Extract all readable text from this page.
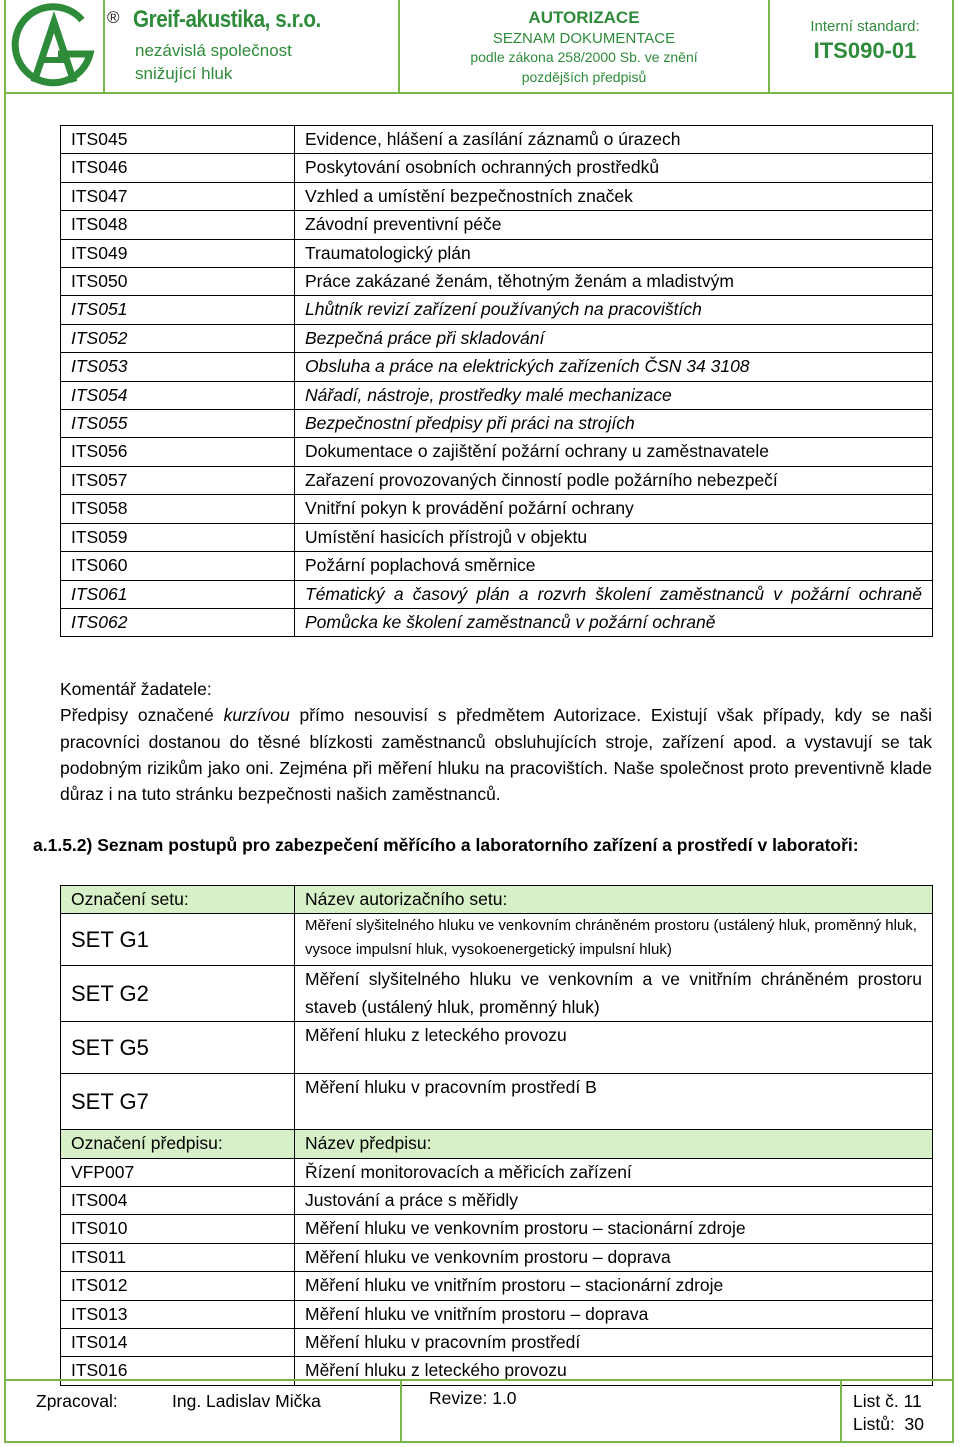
® Greif-akustika, s.r.o.
nezávislá společnost
snižující hluk
AUTORIZACE
SEZNAM DOKUMENTACE
podle zákona 258/2000 Sb. ve znění
pozdějších předpisů
Interní standard:
ITS090-01
ITS045	Evidence, hlášení a zasílání záznamů o úrazech
ITS046	Poskytování osobních ochranných prostředků
ITS047	Vzhled a umístění bezpečnostních značek
ITS048	Závodní preventivní péče
ITS049	Traumatologický plán
ITS050	Práce zakázané ženám, těhotným ženám a mladistvým
ITS051	Lhůtník revizí zařízení používaných na pracovištích
ITS052	Bezpečná práce při skladování
ITS053	Obsluha a práce na elektrických zařízeních ČSN 34 3108
ITS054	Nářadí, nástroje, prostředky malé mechanizace
ITS055	Bezpečnostní předpisy při práci na strojích
ITS056	Dokumentace o zajištění požární ochrany u zaměstnavatele
ITS057	Zařazení provozovaných činností podle požárního nebezpečí
ITS058	Vnitřní pokyn k provádění požární ochrany
ITS059	Umístění hasicích přístrojů v objektu
ITS060	Požární poplachová směrnice
ITS061	Tématický a časový plán a rozvrh školení zaměstnanců v požární ochraně
ITS062	Pomůcka ke školení zaměstnanců v požární ochraně
Komentář žadatele:
Předpisy označené kurzívou přímo nesouvisí s předmětem Autorizace. Existují však případy, kdy se naši pracovníci dostanou do těsné blízkosti zaměstnanců obsluhujících stroje, zařízení apod. a vystavují se tak podobným rizikům jako oni. Zejména při měření hluku na pracovištích. Naše společnost proto preventivně klade důraz i na tuto stránku bezpečnosti našich zaměstnanců.
a.1.5.2) Seznam postupů pro zabezpečení měřícího a laboratorního zařízení a prostředí v laboratoři:
Označení setu:	Název autorizačního setu:
SET G1	Měření slyšitelného hluku ve venkovním chráněném prostoru (ustálený hluk, proměnný hluk, vysoce impulsní hluk, vysokoenergetický impulsní hluk)
SET G2	Měření slyšitelného hluku ve venkovním a ve vnitřním chráněném prostoru staveb (ustálený hluk, proměnný hluk)
SET G5	Měření hluku z leteckého provozu
SET G7	Měření hluku v pracovním prostředí B
Označení předpisu:	Název předpisu:
VFP007	Řízení monitorovacích a měřicích zařízení
ITS004	Justování a práce s měřidly
ITS010	Měření hluku ve venkovním prostoru – stacionární zdroje
ITS011	Měření hluku ve venkovním prostoru – doprava
ITS012	Měření hluku ve vnitřním prostoru – stacionární zdroje
ITS013	Měření hluku ve vnitřním prostoru – doprava
ITS014	Měření hluku v pracovním prostředí
ITS016	Měření hluku z leteckého provozu
Zpracoval:	Ing. Ladislav Mička	Revize: 1.0	List č. 11
Listů:  30
